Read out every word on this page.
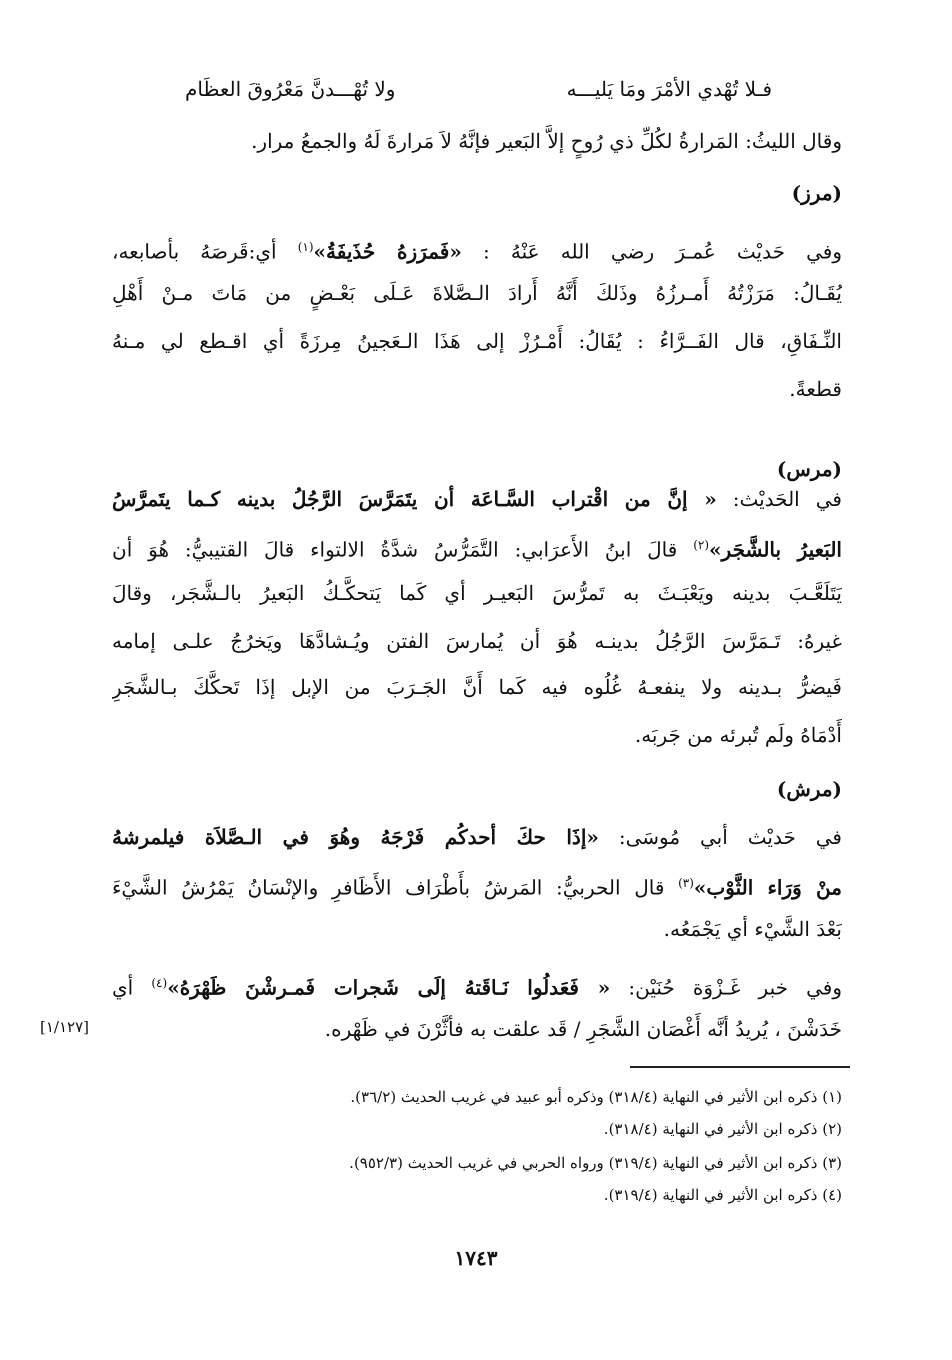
فـلا تُهْدي الأمْرَ ومَا يَليـــه
ولا تُهْـــدنَّ مَعْرُوقَ العظَام
وقال الليثُ: المَرارةُ لكُلِّ ذي رُوحٍ إلاَّ البَعير فإنَّهُ لاَ مَرارةَ لَهُ والجمعُ مرار.
(مرز)
وفي حَديْث عُمـرَ رضي الله عَنْهُ : «فَمرَزهُ حُذَيفَةُ»$^{(١)}$ أي:قَرصَهُ بأصابعه،
يُقَـالُ: مَرَزْتُهُ أَمـرزُهُ وذَلكَ أَنَّهُ أَرادَ الـصَّلاةَ عَـلَى بَعْـضٍ من مَاتَ مـنْ أَهْلِ
النِّـفَاقِ، قال الفَــرَّاءُ : يُقَالُ: أَمْـرُزْ إلى هَذَا الـعَجينُ مِرزَةً أي اقـطع لي مـنهُ
قطعةً.
(مرس)
في الحَديْث: « إنَّ من اقْتراب السَّـاعَة أن يتَمَرَّسَ الرَّجُلُ بدينه كـما يتَمرَّسُ
البَعيرُ بالشَّجَر»$^{(٢)}$ قالَ ابنُ الأَعرَابي: التَّمَرُّسُ شدَّةُ الالتواء قالَ القتيبيُّ: هُوَ أن
يَتَلَعَّـبَ بدينه ويَعْبَـثَ به تَمرُّسَ البَعيـر أي كَما يَتحكَّـكُ البَعيرُ بالـشَّجَر، وقالَ
غيرهُ: تَـمَرَّسَ الرَّجُلُ بدينـه هُوَ أن يُمارسَ الفتن ويُـشادَّهَا ويَخرُجُ علـى إمامه
فَيضرُّ بـدينه ولا ينفعـهُ غُلُوه فيه كَما أَنَّ الجَـرَبَ من الإبل إذَا تَحكَّكَ بـالشَّجَرِ
أَدْمَاهُ ولَم تُبرئه من جَربَه.
(مرش)
في حَديْث أبي مُوسَى: «إذَا حكَ أحدكُم فَرْجَهُ وهُوَ في الـصَّلاَة فيلمرشهُ
منْ وَرَاء الثَّوْب»$^{(٣)}$ قال الحربيُّ: المَرشُ بأَطْرَاف الأَظَافرِ والإنْسَانُ يَمْرُشُ الشَّيْءَ
بَعْدَ الشَّيْء أي يَجْمَعُه.
وفي خبر غَـزْوَة حُنَيْن: « فَعَدلُوا نَـاقَتهُ إلَى شَجرات فَمـرشْنَ ظَهْرَهُ»$^{(٤)}$ أي
خَدَشْنَ ، يُريدُ أنَّه أَغْصَان الشَّجَرِ / قَد علقت به فأثَّرْنَ في ظَهْره.
[١/١٢٧]
(١) ذكره ابن الأثير في النهاية (٣١٨/٤) وذكره أبو عبيد في غريب الحديث (٣٦/٢).
(٢) ذكره ابن الأثير في النهاية (٣١٨/٤).
(٣) ذكره ابن الأثير في النهاية (٣١٩/٤) ورواه الحربي في غريب الحديث (٩٥٢/٣).
(٤) ذكره ابن الأثير في النهاية (٣١٩/٤).
١٧٤٣
